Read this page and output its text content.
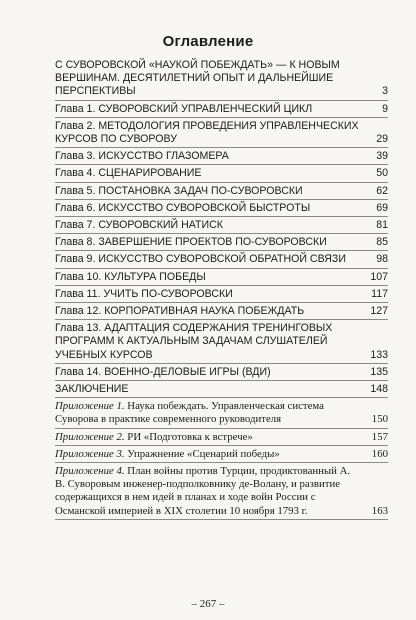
Оглавление
С СУВОРОВСКОЙ «НАУКОЙ ПОБЕЖДАТЬ» — К НОВЫМ ВЕРШИНАМ. ДЕСЯТИЛЕТНИЙ ОПЫТ И ДАЛЬНЕЙШИЕ ПЕРСПЕКТИВЫ	3
Глава 1. СУВОРОВСКИЙ УПРАВЛЕНЧЕСКИЙ ЦИКЛ	9
Глава 2. МЕТОДОЛОГИЯ ПРОВЕДЕНИЯ УПРАВЛЕНЧЕСКИХ КУРСОВ ПО СУВОРОВУ	29
Глава 3. ИСКУССТВО ГЛАЗОМЕРА	39
Глава 4. СЦЕНАРИРОВАНИЕ	50
Глава 5. ПОСТАНОВКА ЗАДАЧ ПО-СУВОРОВСКИ	62
Глава 6. ИСКУССТВО СУВОРОВСКОЙ БЫСТРОТЫ	69
Глава 7. СУВОРОВСКИЙ НАТИСК	81
Глава 8. ЗАВЕРШЕНИЕ ПРОЕКТОВ ПО-СУВОРОВСКИ	85
Глава 9. ИСКУССТВО СУВОРОВСКОЙ ОБРАТНОЙ СВЯЗИ	98
Глава 10. КУЛЬТУРА ПОБЕДЫ	107
Глава 11. УЧИТЬ ПО-СУВОРОВСКИ	117
Глава 12. КОРПОРАТИВНАЯ НАУКА ПОБЕЖДАТЬ	127
Глава 13. АДАПТАЦИЯ СОДЕРЖАНИЯ ТРЕНИНГОВЫХ ПРОГРАММ К АКТУАЛЬНЫМ ЗАДАЧАМ СЛУШАТЕЛЕЙ УЧЕБНЫХ КУРСОВ	133
Глава 14. ВОЕННО-ДЕЛОВЫЕ ИГРЫ (ВДИ)	135
ЗАКЛЮЧЕНИЕ	148
Приложение 1. Наука побеждать. Управленческая система Суворова в практике современного руководителя	150
Приложение 2. РИ «Подготовка к встрече»	157
Приложение 3. Упражнение «Сценарий победы»	160
Приложение 4. План войны против Турции, продиктованный А. В. Суворовым инженер-подполковнику де-Волану, и развитие содержащихся в нем идей в планах и ходе войн России с Османской империей в XIX столетии 10 ноября 1793 г.	163
– 267 –
